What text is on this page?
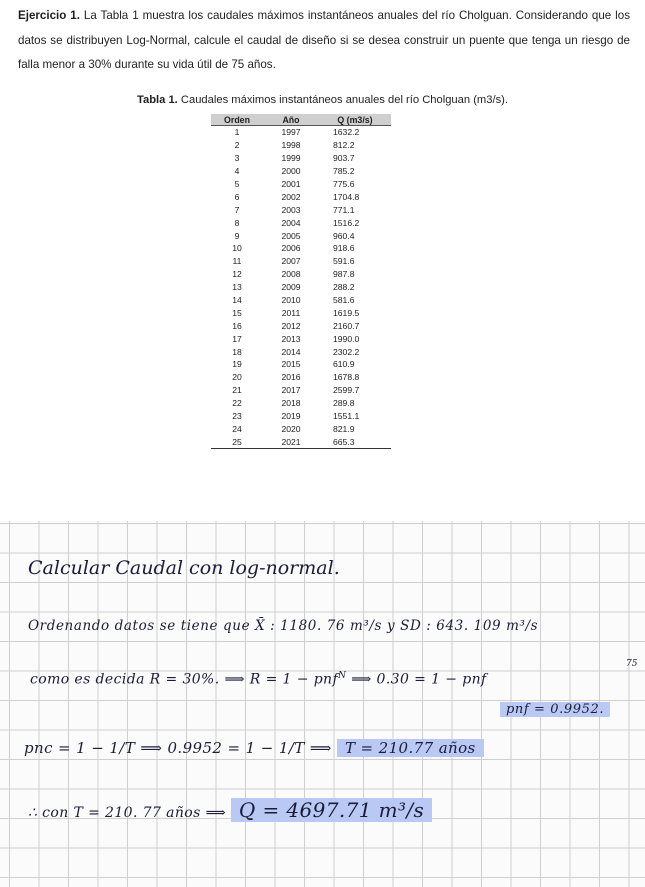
Ejercicio 1. La Tabla 1 muestra los caudales máximos instantáneos anuales del río Cholguan. Considerando que los datos se distribuyen Log-Normal, calcule el caudal de diseño si se desea construir un puente que tenga un riesgo de falla menor a 30% durante su vida útil de 75 años.
Tabla 1. Caudales máximos instantáneos anuales del río Cholguan (m3/s).
Orden	Año	Q (m3/s)
1	1997	1632.2
2	1998	812.2
3	1999	903.7
4	2000	785.2
5	2001	775.6
6	2002	1704.8
7	2003	771.1
8	2004	1516.2
9	2005	960.4
10	2006	918.6
11	2007	591.6
12	2008	987.8
13	2009	288.2
14	2010	581.6
15	2011	1619.5
16	2012	2160.7
17	2013	1990.0
18	2014	2302.2
19	2015	610.9
20	2016	1678.8
21	2017	2599.7
22	2018	289.8
23	2019	1551.1
24	2020	821.9
25	2021	665.3
Calcular Caudal con log-normal.
Ordenando datos se tiene que X̄ : 1180. 76 m³/s y SD : 643. 109 m³/s
como es decida R = 30%. ⟹ R = 1 − pnf$^N$ ⟹ 0.30 = 1 − pnf
75
pnf = 0.9952.
pnc = 1 − 1/T ⟹ 0.9952 = 1 − 1/T ⟹ T = 210.77 años
∴ con T = 210. 77 años ⟹ Q = 4697.71 m³/s
